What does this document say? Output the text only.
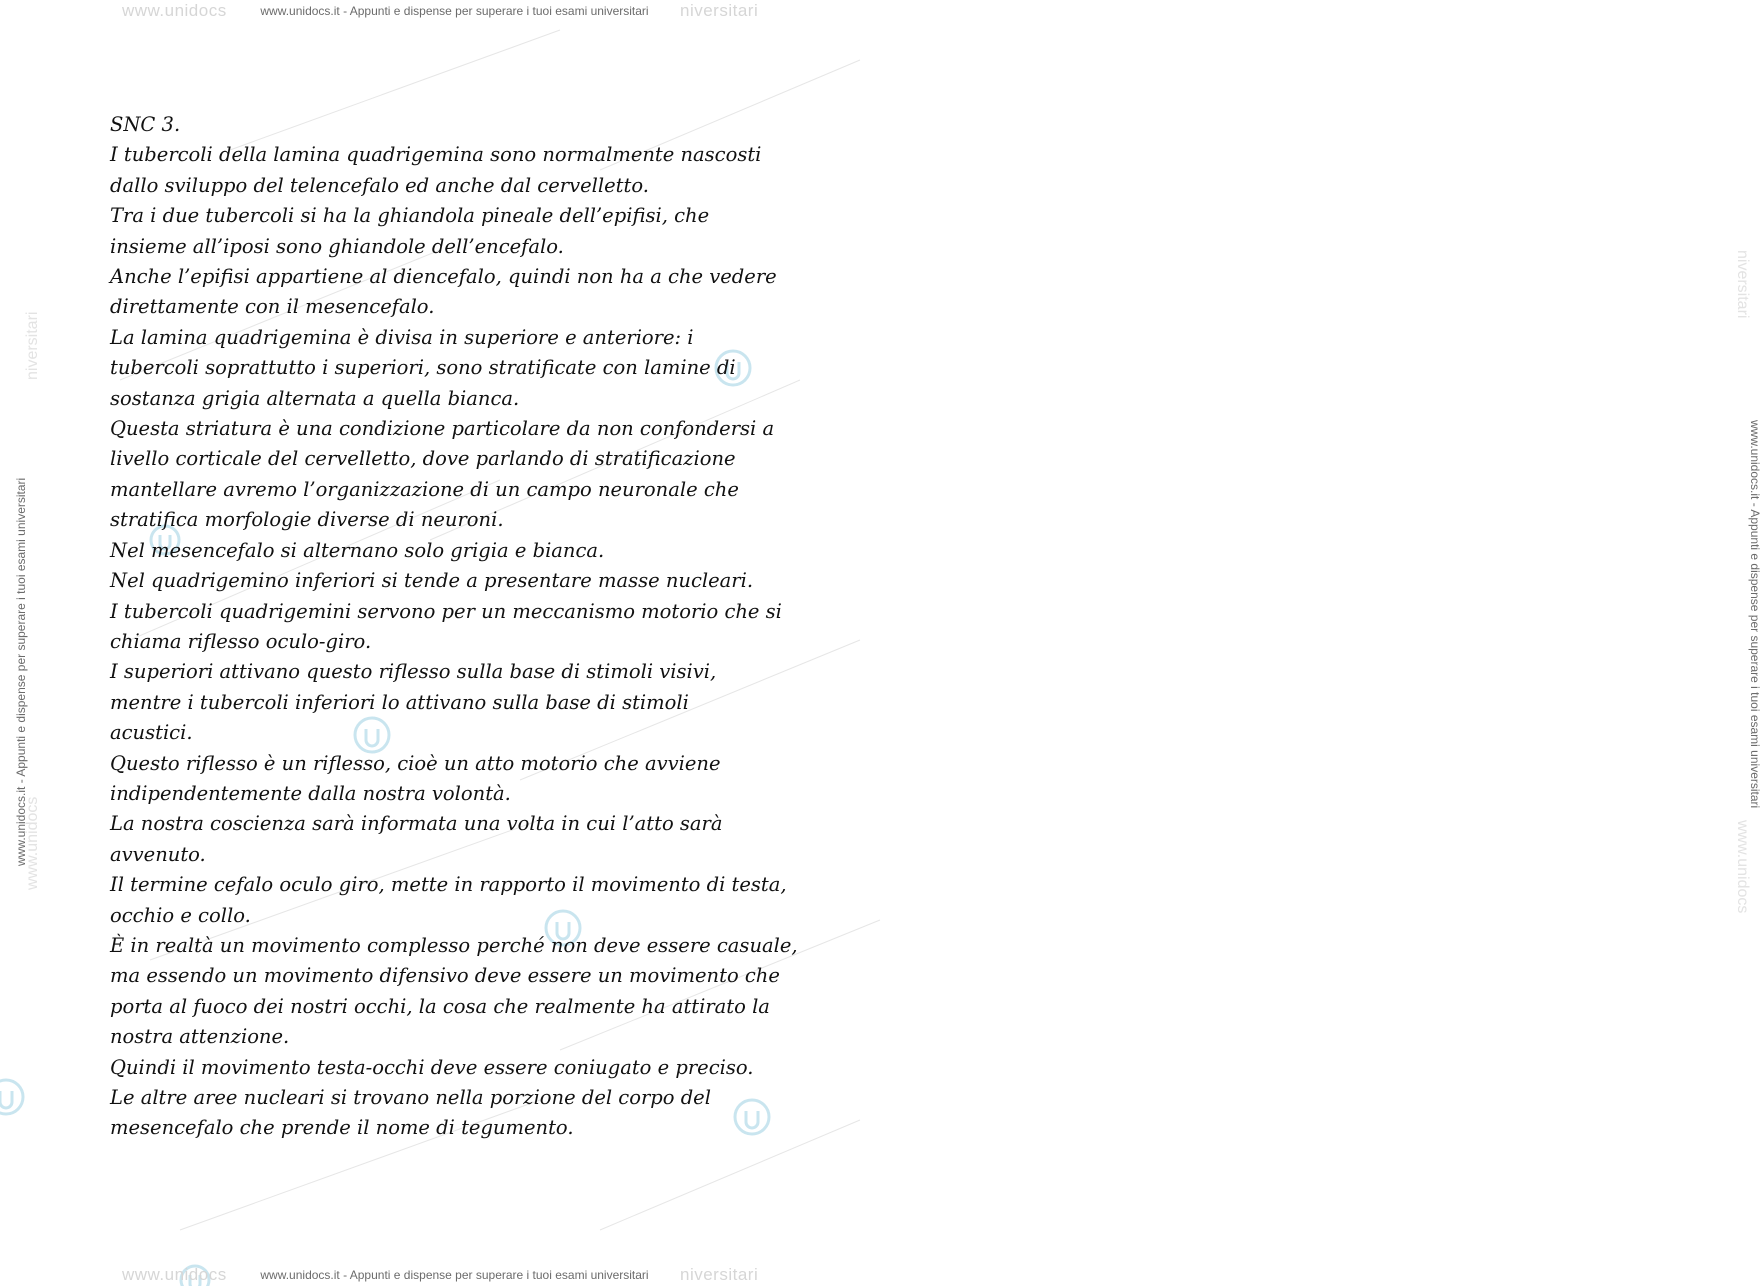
www.unidocs	niversitari
www.unidocs.it - Appunti e dispense per superare i tuoi esami universitari
www.unidocs
niversitari
www.unidocs.it - Appunti e dispense per superare i tuoi esami universitari
niversitari
www.unidocs
www.unidocs.it - Appunti e dispense per superare i tuoi esami universitari

SNC 3.

I tubercoli della lamina quadrigemina sono normalmente nascosti

dallo sviluppo del telencefalo ed anche dal cervelletto.

Tra i due tubercoli si ha la ghiandola pineale dell’epifisi, che

insieme all’iposi sono ghiandole dell’encefalo.

Anche l’epifisi appartiene al diencefalo, quindi non ha a che vedere

direttamente con il mesencefalo.

La lamina quadrigemina è divisa in superiore e anteriore: i

tubercoli soprattutto i superiori, sono stratificate con lamine di

sostanza grigia alternata a quella bianca.

Questa striatura è una condizione particolare da non confondersi a

livello corticale del cervelletto, dove parlando di stratificazione

mantellare avremo l’organizzazione di un campo neuronale che

stratifica morfologie diverse di neuroni.

Nel mesencefalo si alternano solo grigia e bianca.

Nel quadrigemino inferiori si tende a presentare masse nucleari.

I tubercoli quadrigemini servono per un meccanismo motorio che si

chiama riflesso oculo-giro.

I superiori attivano questo riflesso sulla base di stimoli visivi,

mentre i tubercoli inferiori lo attivano sulla base di stimoli

acustici.

Questo riflesso è un riflesso, cioè un atto motorio che avviene

indipendentemente dalla nostra volontà.

La nostra coscienza sarà informata una volta in cui l’atto sarà

avvenuto.

Il termine cefalo oculo giro, mette in rapporto il movimento di testa,

occhio e collo.

È in realtà un movimento complesso perché non deve essere casuale,

ma essendo un movimento difensivo deve essere un movimento che

porta al fuoco dei nostri occhi, la cosa che realmente ha attirato la

nostra attenzione.

Quindi il movimento testa-occhi deve essere coniugato e preciso.

Le altre aree nucleari si trovano nella porzione del corpo del

mesencefalo che prende il nome di tegumento.

www.unidocs	niversitari
www.unidocs.it - Appunti e dispense per superare i tuoi esami universitari
